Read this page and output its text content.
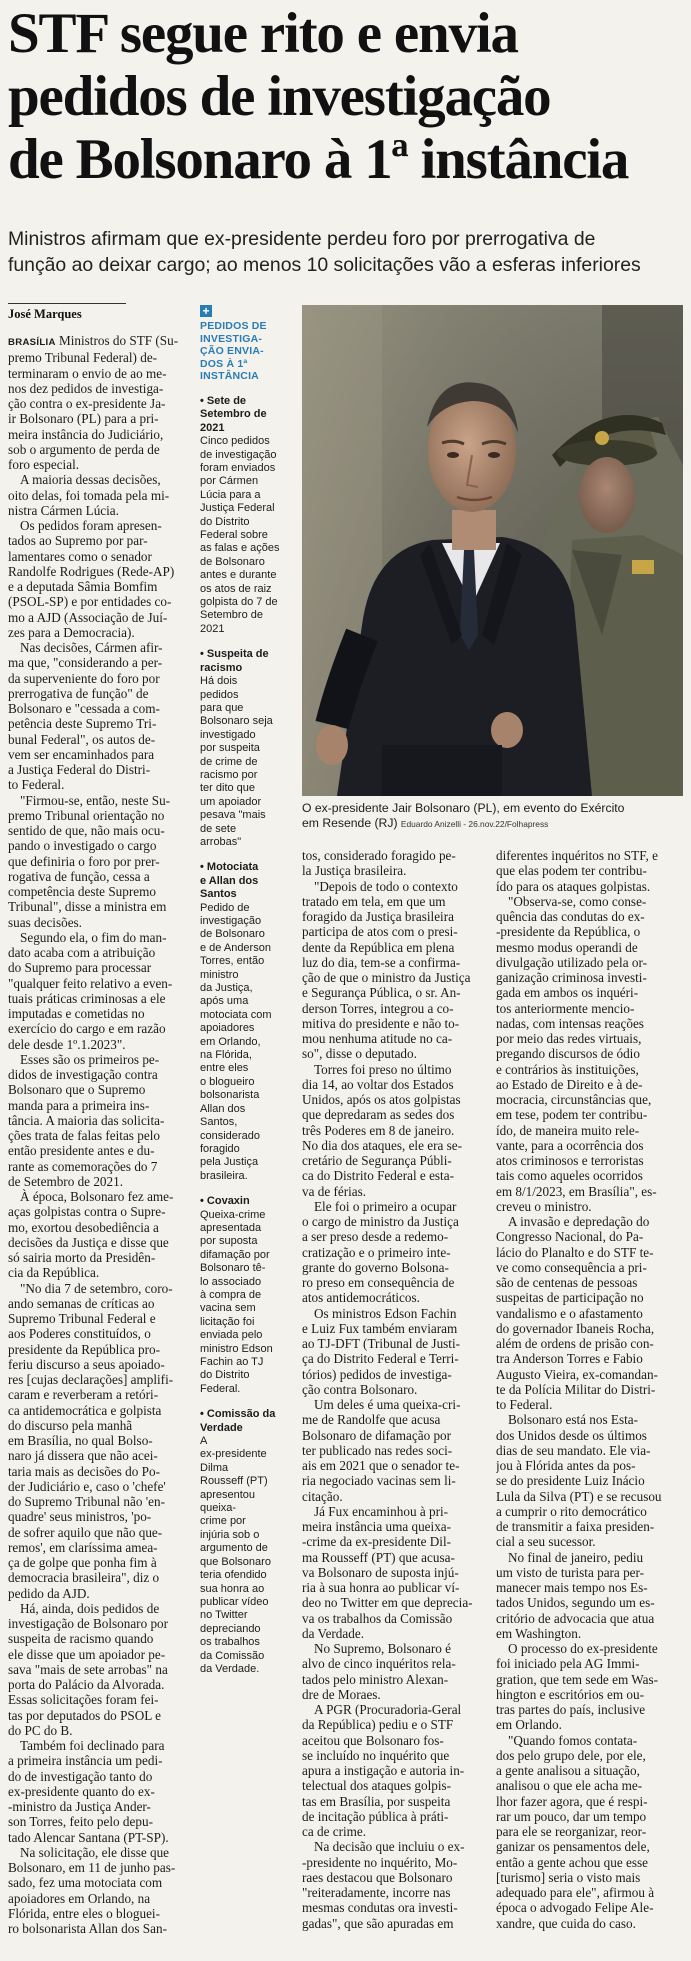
STF segue rito e envia
pedidos de investigação
de Bolsonaro à 1ª instância
Ministros afirmam que ex-presidente perdeu foro por prerrogativa de
função ao deixar cargo; ao menos 10 solicitações vão a esferas inferiores
José Marques
BRASÍLIA Ministros do STF (Su-
premo Tribunal Federal) de-
terminaram o envio de ao me-
nos dez pedidos de investiga-
ção contra o ex-presidente Ja-
ir Bolsonaro (PL) para a pri-
meira instância do Judiciário,
sob o argumento de perda de
foro especial.
A maioria dessas decisões,
oito delas, foi tomada pela mi-
nistra Cármen Lúcia.
Os pedidos foram apresen-
tados ao Supremo por par-
lamentares como o senador
Randolfe Rodrigues (Rede-AP)
e a deputada Sâmia Bomfim
(PSOL-SP) e por entidades co-
mo a AJD (Associação de Juí-
zes para a Democracia).
Nas decisões, Cármen afir-
ma que, "considerando a per-
da superveniente do foro por
prerrogativa de função" de
Bolsonaro e "cessada a com-
petência deste Supremo Tri-
bunal Federal", os autos de-
vem ser encaminhados para
a Justiça Federal do Distri-
to Federal.
"Firmou-se, então, neste Su-
premo Tribunal orientação no
sentido de que, não mais ocu-
pando o investigado o cargo
que definiria o foro por prer-
rogativa de função, cessa a
competência deste Supremo
Tribunal", disse a ministra em
suas decisões.
Segundo ela, o fim do man-
dato acaba com a atribuição
do Supremo para processar
"qualquer feito relativo a even-
tuais práticas criminosas a ele
imputadas e cometidas no
exercício do cargo e em razão
dele desde 1º.1.2023".
Esses são os primeiros pe-
didos de investigação contra
Bolsonaro que o Supremo
manda para a primeira ins-
tância. A maioria das solicita-
ções trata de falas feitas pelo
então presidente antes e du-
rante as comemorações do 7
de Setembro de 2021.
À época, Bolsonaro fez ame-
aças golpistas contra o Supre-
mo, exortou desobediência a
decisões da Justiça e disse que
só sairia morto da Presidên-
cia da República.
"No dia 7 de setembro, coro-
ando semanas de críticas ao
Supremo Tribunal Federal e
aos Poderes constituídos, o
presidente da República pro-
feriu discurso a seus apoiado-
res [cujas declarações] amplifi-
caram e reverberam a retóri-
ca antidemocrática e golpista
do discurso pela manhã
em Brasília, no qual Bolso-
naro já dissera que não acei-
taria mais as decisões do Po-
der Judiciário e, caso o 'chefe'
do Supremo Tribunal não 'en-
quadre' seus ministros, 'po-
de sofrer aquilo que não que-
remos', em claríssima amea-
ça de golpe que ponha fim à
democracia brasileira", diz o
pedido da AJD.
Há, ainda, dois pedidos de
investigação de Bolsonaro por
suspeita de racismo quando
ele disse que um apoiador pe-
sava "mais de sete arrobas" na
porta do Palácio da Alvorada.
Essas solicitações foram fei-
tas por deputados do PSOL e
do PC do B.
Também foi declinado para
a primeira instância um pedi-
do de investigação tanto do
ex-presidente quanto do ex-
-ministro da Justiça Ander-
son Torres, feito pelo depu-
tado Alencar Santana (PT-SP).
Na solicitação, ele disse que
Bolsonaro, em 11 de junho pas-
sado, fez uma motociata com
apoiadores em Orlando, na
Flórida, entre eles o bloguei-
ro bolsonarista Allan dos San-
+
PEDIDOS DE
INVESTIGA-
ÇÃO ENVIA-
DOS À 1ª
INSTÂNCIA
• Sete de
Setembro de
2021
Cinco pedidos
de investigação
foram enviados
por Cármen
Lúcia para a
Justiça Federal
do Distrito
Federal sobre
as falas e ações
de Bolsonaro
antes e durante
os atos de raiz
golpista do 7 de
Setembro de
2021
• Suspeita de
racismo
Há dois
pedidos
para que
Bolsonaro seja
investigado
por suspeita
de crime de
racismo por
ter dito que
um apoiador
pesava "mais
de sete
arrobas"
• Motociata
e Allan dos
Santos
Pedido de
investigação
de Bolsonaro
e de Anderson
Torres, então
ministro
da Justiça,
após uma
motociata com
apoiadores
em Orlando,
na Flórida,
entre eles
o blogueiro
bolsonarista
Allan dos
Santos,
considerado
foragido
pela Justiça
brasileira.
• Covaxin
Queixa-crime
apresentada
por suposta
difamação por
Bolsonaro tê-
lo associado
à compra de
vacina sem
licitação foi
enviada pelo
ministro Edson
Fachin ao TJ
do Distrito
Federal.
• Comissão da
Verdade
A
ex-presidente
Dilma
Rousseff (PT)
apresentou
queixa-
crime por
injúria sob o
argumento de
que Bolsonaro
teria ofendido
sua honra ao
publicar vídeo
no Twitter
depreciando
os trabalhos
da Comissão
da Verdade.
O ex-presidente Jair Bolsonaro (PL), em evento do Exército
em Resende (RJ) Eduardo Anizelli - 26.nov.22/Folhapress
tos, considerado foragido pe-
la Justiça brasileira.
"Depois de todo o contexto
tratado em tela, em que um
foragido da Justiça brasileira
participa de atos com o presi-
dente da República em plena
luz do dia, tem-se a confirma-
ção de que o ministro da Justiça
e Segurança Pública, o sr. An-
derson Torres, integrou a co-
mitiva do presidente e não to-
mou nenhuma atitude no ca-
so", disse o deputado.
Torres foi preso no último
dia 14, ao voltar dos Estados
Unidos, após os atos golpistas
que depredaram as sedes dos
três Poderes em 8 de janeiro.
No dia dos ataques, ele era se-
cretário de Segurança Públi-
ca do Distrito Federal e esta-
va de férias.
Ele foi o primeiro a ocupar
o cargo de ministro da Justiça
a ser preso desde a redemo-
cratização e o primeiro inte-
grante do governo Bolsona-
ro preso em consequência de
atos antidemocráticos.
Os ministros Edson Fachin
e Luiz Fux também enviaram
ao TJ-DFT (Tribunal de Justi-
ça do Distrito Federal e Terri-
tórios) pedidos de investiga-
ção contra Bolsonaro.
Um deles é uma queixa-cri-
me de Randolfe que acusa
Bolsonaro de difamação por
ter publicado nas redes soci-
ais em 2021 que o senador te-
ria negociado vacinas sem li-
citação.
Já Fux encaminhou à pri-
meira instância uma queixa-
-crime da ex-presidente Dil-
ma Rousseff (PT) que acusa-
va Bolsonaro de suposta injú-
ria à sua honra ao publicar ví-
deo no Twitter em que deprecia-
va os trabalhos da Comissão
da Verdade.
No Supremo, Bolsonaro é
alvo de cinco inquéritos rela-
tados pelo ministro Alexan-
dre de Moraes.
A PGR (Procuradoria-Geral
da República) pediu e o STF
aceitou que Bolsonaro fos-
se incluído no inquérito que
apura a instigação e autoria in-
telectual dos ataques golpis-
tas em Brasília, por suspeita
de incitação pública à práti-
ca de crime.
Na decisão que incluiu o ex-
-presidente no inquérito, Mo-
raes destacou que Bolsonaro
"reiteradamente, incorre nas
mesmas condutas ora investi-
gadas", que são apuradas em
diferentes inquéritos no STF, e
que elas podem ter contribu-
ído para os ataques golpistas.
"Observa-se, como conse-
quência das condutas do ex-
-presidente da República, o
mesmo modus operandi de
divulgação utilizado pela or-
ganização criminosa investi-
gada em ambos os inquéri-
tos anteriormente mencio-
nadas, com intensas reações
por meio das redes virtuais,
pregando discursos de ódio
e contrários às instituições,
ao Estado de Direito e à de-
mocracia, circunstâncias que,
em tese, podem ter contribu-
ído, de maneira muito rele-
vante, para a ocorrência dos
atos criminosos e terroristas
tais como aqueles ocorridos
em 8/1/2023, em Brasília", es-
creveu o ministro.
A invasão e depredação do
Congresso Nacional, do Pa-
lácio do Planalto e do STF te-
ve como consequência a pri-
são de centenas de pessoas
suspeitas de participação no
vandalismo e o afastamento
do governador Ibaneis Rocha,
além de ordens de prisão con-
tra Anderson Torres e Fabio
Augusto Vieira, ex-comandan-
te da Polícia Militar do Distri-
to Federal.
Bolsonaro está nos Esta-
dos Unidos desde os últimos
dias de seu mandato. Ele via-
jou à Flórida antes da pos-
se do presidente Luiz Inácio
Lula da Silva (PT) e se recusou
a cumprir o rito democrático
de transmitir a faixa presiden-
cial a seu sucessor.
No final de janeiro, pediu
um visto de turista para per-
manecer mais tempo nos Es-
tados Unidos, segundo um es-
critório de advocacia que atua
em Washington.
O processo do ex-presidente
foi iniciado pela AG Immi-
gration, que tem sede em Was-
hington e escritórios em ou-
tras partes do país, inclusive
em Orlando.
"Quando fomos contata-
dos pelo grupo dele, por ele,
a gente analisou a situação,
analisou o que ele acha me-
lhor fazer agora, que é respi-
rar um pouco, dar um tempo
para ele se reorganizar, reor-
ganizar os pensamentos dele,
então a gente achou que esse
[turismo] seria o visto mais
adequado para ele", afirmou à
época o advogado Felipe Ale-
xandre, que cuida do caso.
